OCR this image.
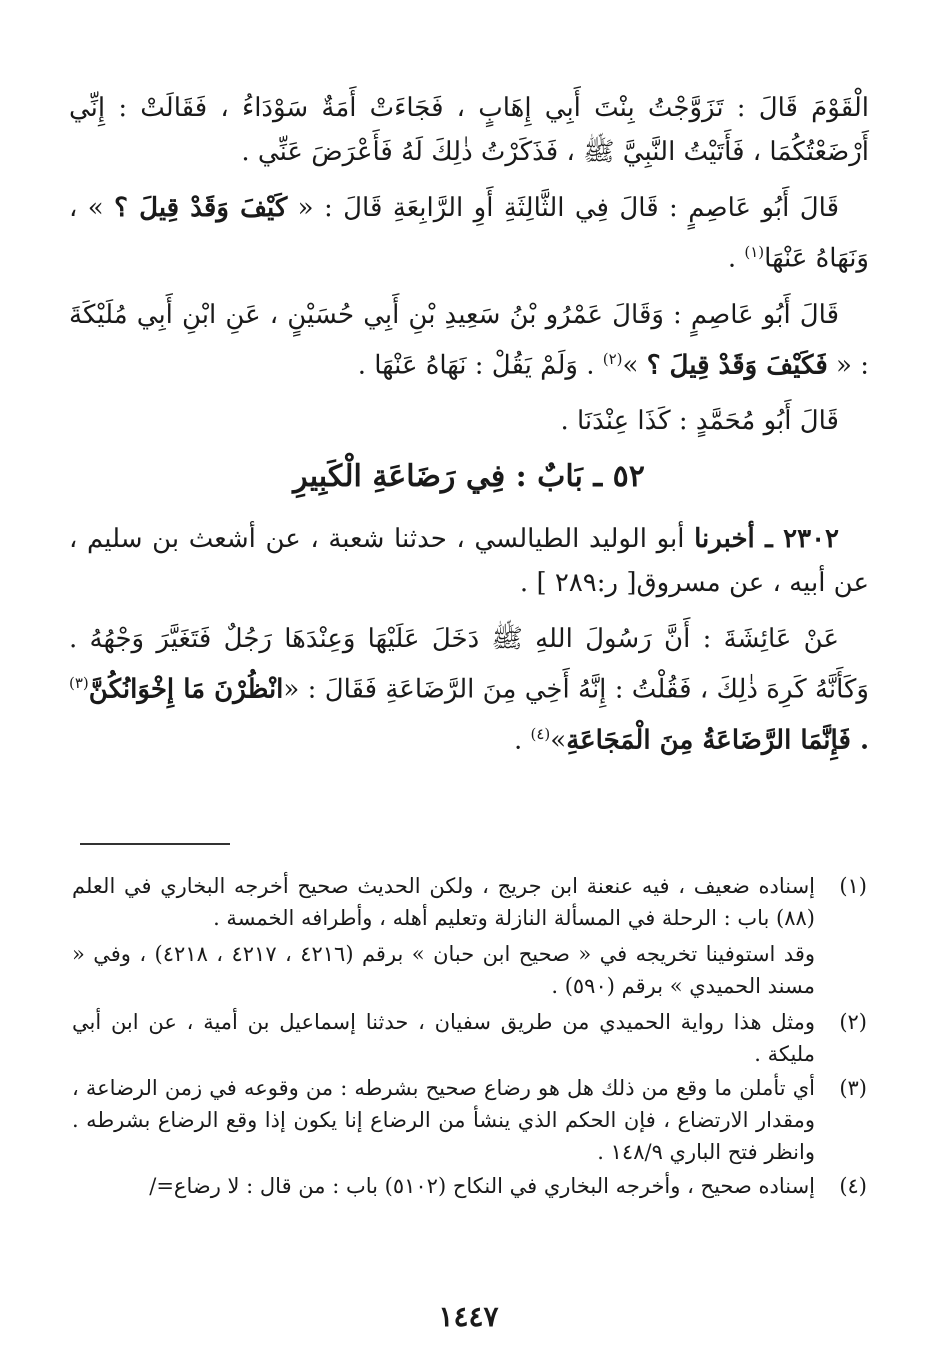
الْقَوْمَ قَالَ : تَزَوَّجْتُ بِنْتَ أَبِي إِهَابٍ ، فَجَاءَتْ أَمَةٌ سَوْدَاءُ ، فَقَالَتْ : إِنِّي أَرْضَعْتُكُمَا ، فَأَتَيْتُ النَّبِيَّ ﷺ ، فَذَكَرْتُ ذٰلِكَ لَهُ فَأَعْرَضَ عَنِّي .

قَالَ أَبُو عَاصِمٍ : قَالَ فِي الثَّالِثَةِ أَوِ الرَّابِعَةِ قَالَ : « كَيْفَ وَقَدْ قِيلَ ؟ » ، وَنَهَاهُ عَنْهَا$^{(١)}$ .

قَالَ أَبُو عَاصِمٍ : وَقَالَ عَمْرُو بْنُ سَعِيدِ بْنِ أَبِي حُسَيْنٍ ، عَنِ ابْنِ أَبِي مُلَيْكَةَ : « فَكَيْفَ وَقَدْ قِيلَ ؟ »$^{(٢)}$ . وَلَمْ يَقُلْ : نَهَاهُ عَنْهَا .

قَالَ أَبُو مُحَمَّدٍ : كَذَا عِنْدَنَا .

٥٢ ـ بَابٌ : فِي رَضَاعَةِ الْكَبِيرِ

٢٣٠٢ ـ أخبرنا أبو الوليد الطيالسي ، حدثنا شعبة ، عن أشعث بن سليم ، عن أبيه ، عن مسروق[ ر:٢٨٩ ] .

عَنْ عَائِشَةَ : أَنَّ رَسُولَ اللهِ ﷺ دَخَلَ عَلَيْهَا وَعِنْدَهَا رَجُلٌ فَتَغَيَّرَ وَجْهُهُ . وَكَأَنَّهُ كَرِهَ ذٰلِكَ ، فَقُلْتُ : إِنَّهُ أَخِي مِنَ الرَّضَاعَةِ فَقَالَ : «انْظُرْنَ مَا إِخْوَانُكُنَّ$^{(٣)}$ . فَإِنَّمَا الرَّضَاعَةُ مِنَ الْمَجَاعَةِ»$^{(٤)}$ .

(١)
إسناده ضعيف ، فيه عنعنة ابن جريج ، ولكن الحديث صحيح أخرجه البخاري في العلم (٨٨) باب : الرحلة في المسألة النازلة وتعليم أهله ، وأطرافه الخمسة .
وقد استوفينا تخريجه في « صحيح ابن حبان » برقم (٤٢١٦ ، ٤٢١٧ ، ٤٢١٨) ، وفي « مسند الحميدي » برقم (٥٩٠) .
(٢)
ومثل هذا رواية الحميدي من طريق سفيان ، حدثنا إسماعيل بن أمية ، عن ابن أبي مليكة .
(٣)
أي تأملن ما وقع من ذلك هل هو رضاع صحيح بشرطه : من وقوعه في زمن الرضاعة ، ومقدار الارتضاع ، فإن الحكم الذي ينشأ من الرضاع إنا يكون إذا وقع الرضاع بشرطه . وانظر فتح الباري ١٤٨/٩ .
(٤)
إسناده صحيح ، وأخرجه البخاري في النكاح (٥١٠٢) باب : من قال : لا رضاع=/
١٤٤٧
